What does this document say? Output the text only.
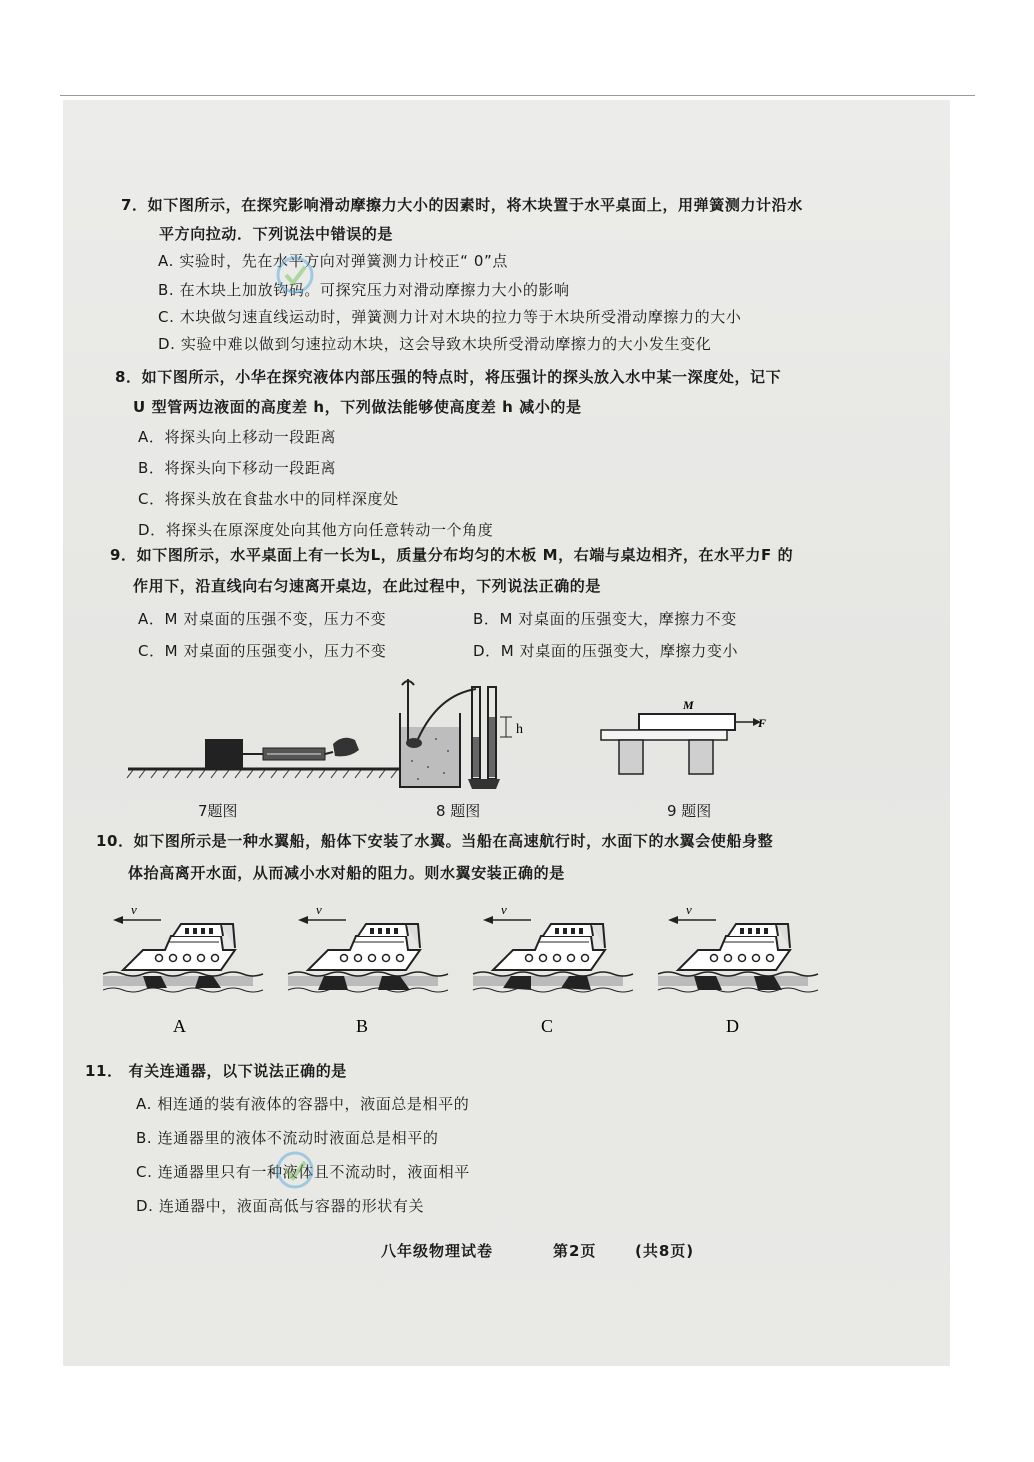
7．如下图所示，在探究影响滑动摩擦力大小的因素时，将木块置于水平桌面上，用弹簧测力计沿水
平方向拉动．下列说法中错误的是
A. 实验时，先在水平方向对弹簧测力计校正“ 0”点
B. 在木块上加放钩码。可探究压力对滑动摩擦力大小的影响
C. 木块做匀速直线运动时，弹簧测力计对木块的拉力等于木块所受滑动摩擦力的大小
D. 实验中难以做到匀速拉动木块，这会导致木块所受滑动摩擦力的大小发生变化
8．如下图所示，小华在探究液体内部压强的特点时，将压强计的探头放入水中某一深度处，记下
U 型管两边液面的高度差 h，下列做法能够使高度差 h 减小的是
A．将探头向上移动一段距离
B．将探头向下移动一段距离
C．将探头放在食盐水中的同样深度处
D．将探头在原深度处向其他方向任意转动一个角度
9．如下图所示，水平桌面上有一长为L，质量分布均匀的木板 M，右端与桌边相齐，在水平力F 的
作用下，沿直线向右匀速离开桌边，在此过程中，下列说法正确的是
A．M 对桌面的压强不变，压力不变	B．M 对桌面的压强变大，摩擦力不变
C．M 对桌面的压强变小，压力不变	D．M 对桌面的压强变大，摩擦力变小
7题图
h
8 题图
M
F
9 题图
10．如下图所示是一种水翼船，船体下安装了水翼。当船在高速航行时，水面下的水翼会使船身整
体抬高离开水面，从而减小水对船的阻力。则水翼安装正确的是
v
A
v
B
v
C
v
D
11． 有关连通器，以下说法正确的是
A. 相连通的装有液体的容器中，液面总是相平的
B. 连通器里的液体不流动时液面总是相平的
C. 连通器里只有一种液体且不流动时，液面相平
D. 连通器中，液面高低与容器的形状有关
八年级物理试卷	第2页	(共8页)
